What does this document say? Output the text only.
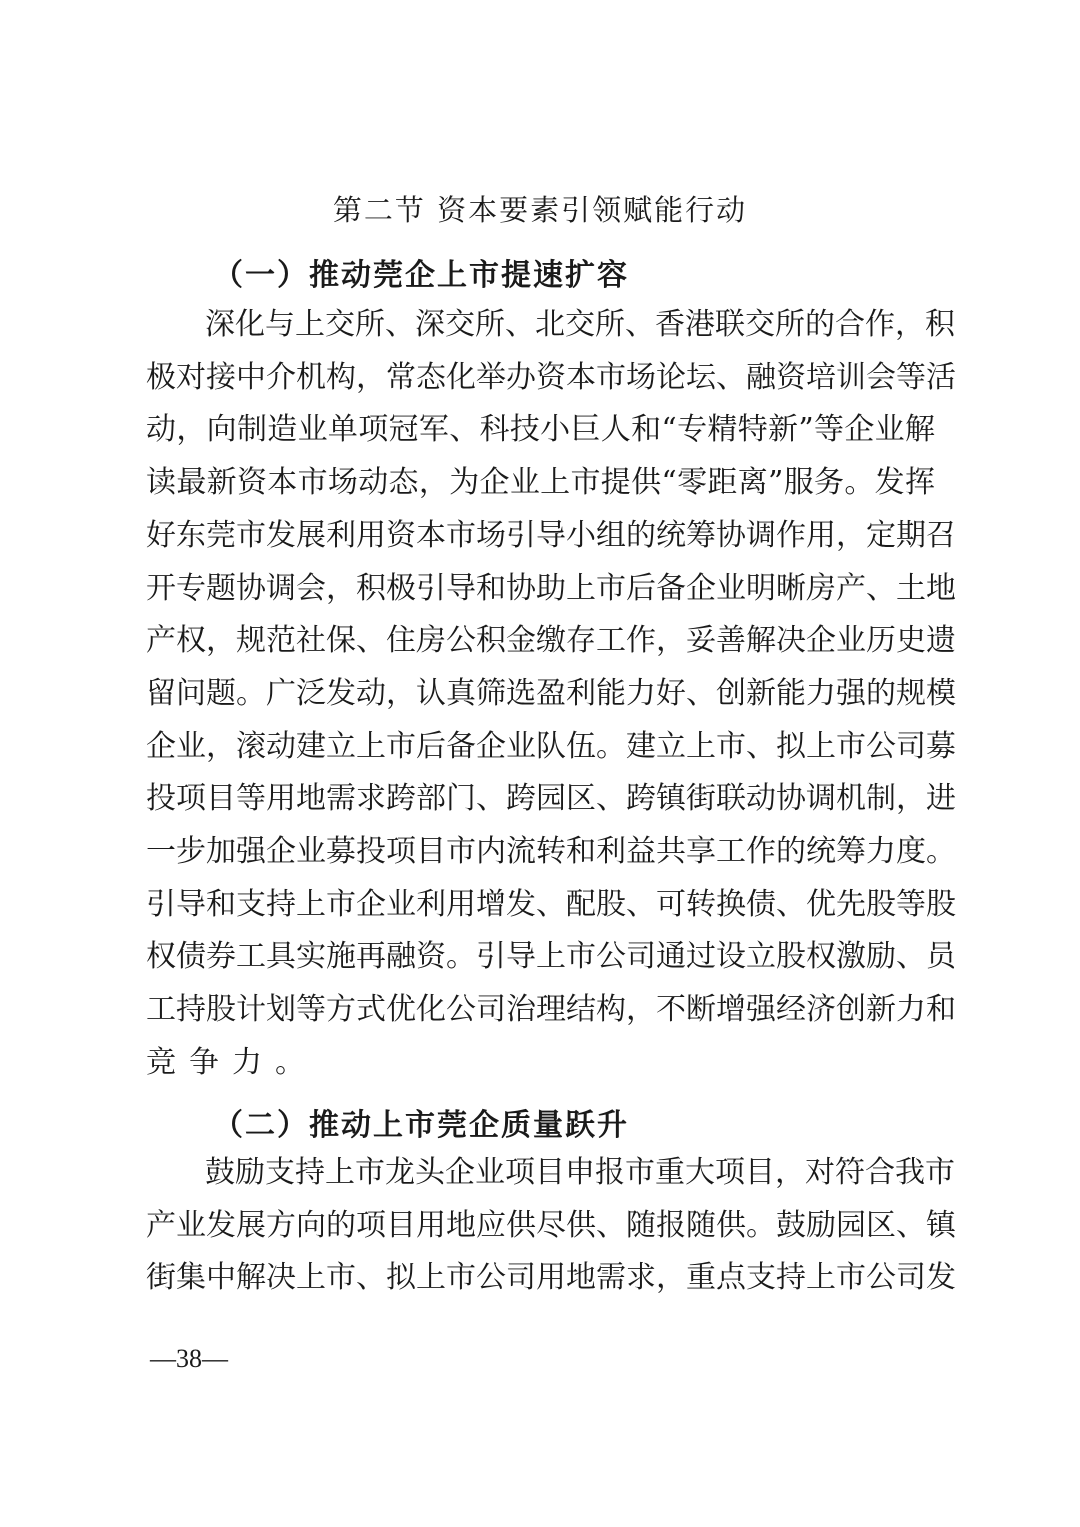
第二节 资本要素引领赋能行动
（一）推动莞企上市提速扩容
深化与上交所、深交所、北交所、香港联交所的合作，积
极对接中介机构，常态化举办资本市场论坛、融资培训会等活
动，向制造业单项冠军、科技小巨人和“专精特新”等企业解
读最新资本市场动态，为企业上市提供“零距离”服务。发挥
好东莞市发展利用资本市场引导小组的统筹协调作用，定期召
开专题协调会，积极引导和协助上市后备企业明晰房产、土地
产权，规范社保、住房公积金缴存工作，妥善解决企业历史遗
留问题。广泛发动，认真筛选盈利能力好、创新能力强的规模
企业，滚动建立上市后备企业队伍。建立上市、拟上市公司募
投项目等用地需求跨部门、跨园区、跨镇街联动协调机制，进
一步加强企业募投项目市内流转和利益共享工作的统筹力度。
引导和支持上市企业利用增发、配股、可转换债、优先股等股
权债券工具实施再融资。引导上市公司通过设立股权激励、员
工持股计划等方式优化公司治理结构，不断增强经济创新力和
竞争力。
（二）推动上市莞企质量跃升
鼓励支持上市龙头企业项目申报市重大项目，对符合我市
产业发展方向的项目用地应供尽供、随报随供。鼓励园区、镇
街集中解决上市、拟上市公司用地需求，重点支持上市公司发
—38—
